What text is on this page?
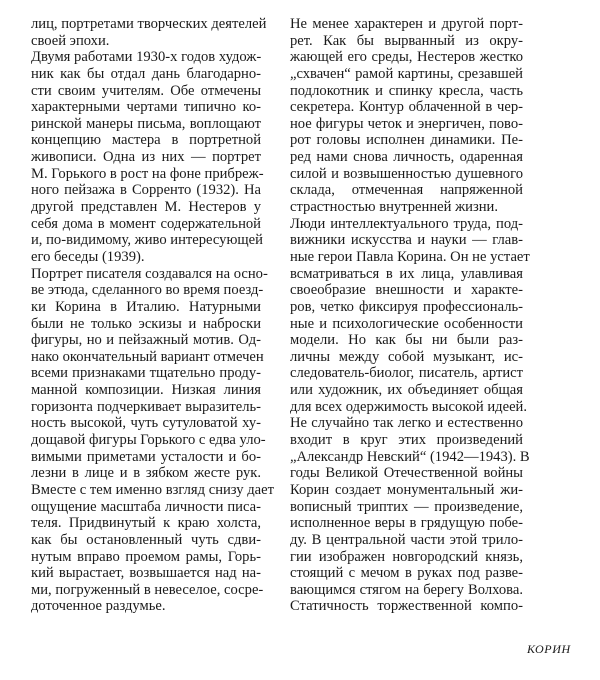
лиц, портретами творческих деятелей
своей эпохи.
Двумя работами 1930-х годов худож-
ник как бы отдал дань благодарно-
сти своим учителям. Обе отмечены
характерными чертами типично ко-
ринской манеры письма, воплощают
концепцию мастера в портретной
живописи. Одна из них — портрет
М. Горького в рост на фоне прибреж-
ного пейзажа в Сорренто (1932). На
другой представлен М. Нестеров у
себя дома в момент содержательной
и, по-видимому, живо интересующей
его беседы (1939).
Портрет писателя создавался на осно-
ве этюда, сделанного во время поезд-
ки Корина в Италию. Натурными
были не только эскизы и наброски
фигуры, но и пейзажный мотив. Од-
нако окончательный вариант отмечен
всеми признаками тщательно проду-
манной композиции. Низкая линия
горизонта подчеркивает выразитель-
ность высокой, чуть сутуловатой ху-
дощавой фигуры Горького с едва уло-
вимыми приметами усталости и бо-
лезни в лице и в зябком жесте рук.
Вместе с тем именно взгляд снизу дает
ощущение масштаба личности писа-
теля. Придвинутый к краю холста,
как бы остановленный чуть сдви-
нутым вправо проемом рамы, Горь-
кий вырастает, возвышается над на-
ми, погруженный в невеселое, сосре-
доточенное раздумье.
Не менее характерен и другой порт-
рет. Как бы вырванный из окру-
жающей его среды, Нестеров жестко
„схвачен“ рамой картины, срезавшей
подлокотник и спинку кресла, часть
секретера. Контур облаченной в чер-
ное фигуры четок и энергичен, пово-
рот головы исполнен динамики. Пе-
ред нами снова личность, одаренная
силой и возвышенностью душевного
склада, отмеченная напряженной
страстностью внутренней жизни.
Люди интеллектуального труда, под-
вижники искусства и науки — глав-
ные герои Павла Корина. Он не устает
всматриваться в их лица, улавливая
своеобразие внешности и характе-
ров, четко фиксируя профессиональ-
ные и психологические особенности
модели. Но как бы ни были раз-
личны между собой музыкант, ис-
следователь-биолог, писатель, артист
или художник, их объединяет общая
для всех одержимость высокой идеей.
Не случайно так легко и естественно
входит в круг этих произведений
„Александр Невский“ (1942—1943). В
годы Великой Отечественной войны
Корин создает монументальный жи-
вописный триптих — произведение,
исполненное веры в грядущую побе-
ду. В центральной части этой трило-
гии изображен новгородский князь,
стоящий с мечом в руках под разве-
вающимся стягом на берегу Волхова.
Статичность торжественной компо-
КОРИН
